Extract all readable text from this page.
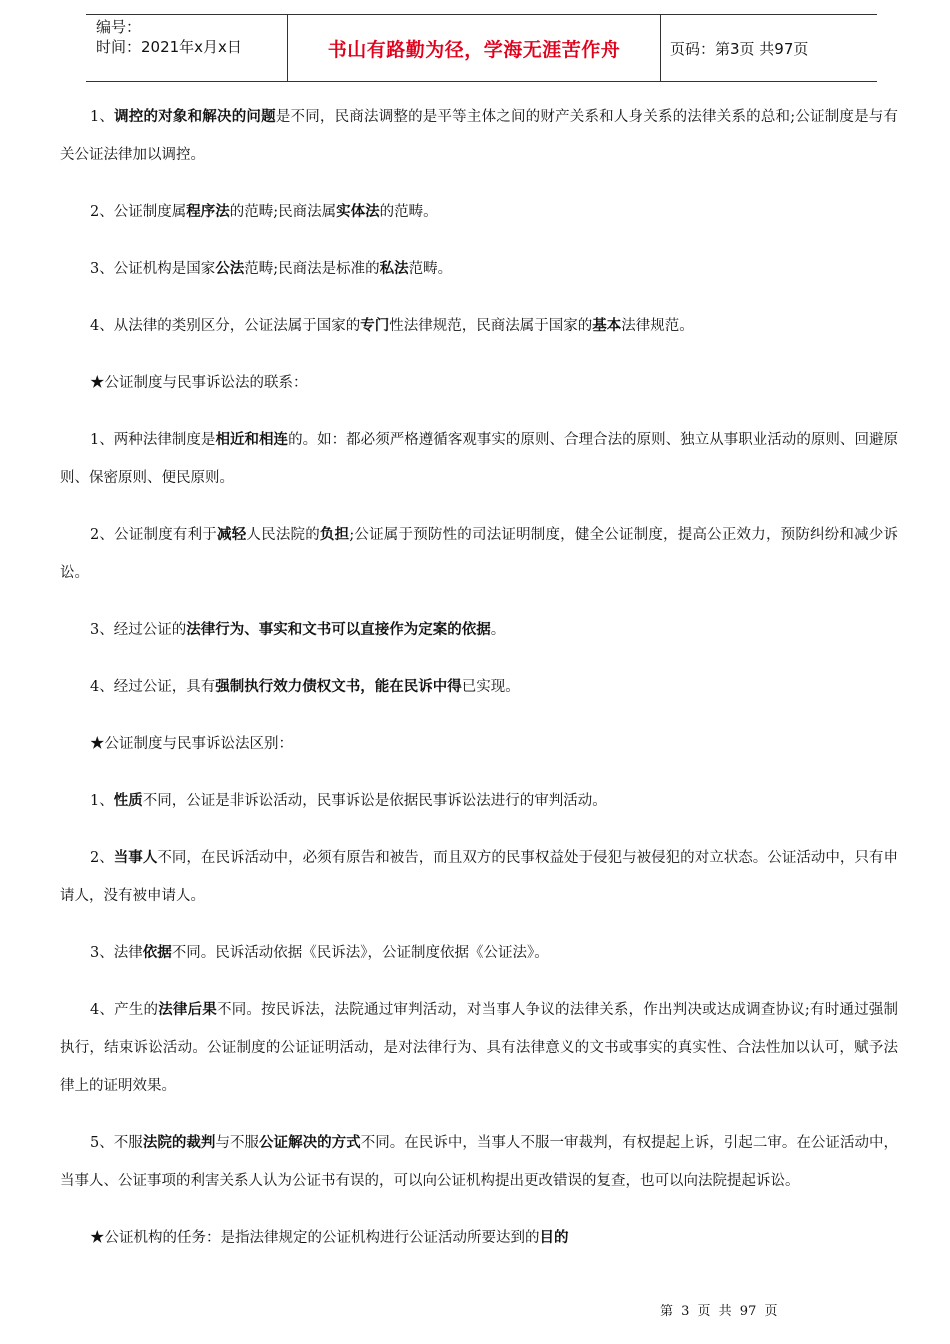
编号：
时间：2021年x月x日	书山有路勤为径，学海无涯苦作舟	页码：第3页 共97页

1、调控的对象和解决的问题是不同，民商法调整的是平等主体之间的财产关系和人身关系的法律关系的总和;公证制度是与有关公证法律加以调控。

2、公证制度属程序法的范畴;民商法属实体法的范畴。

3、公证机构是国家公法范畴;民商法是标准的私法范畴。

4、从法律的类别区分，公证法属于国家的专门性法律规范，民商法属于国家的基本法律规范。

★公证制度与民事诉讼法的联系：

1、两种法律制度是相近和相连的。如：都必须严格遵循客观事实的原则、合理合法的原则、独立从事职业活动的原则、回避原则、保密原则、便民原则。

2、公证制度有利于减轻人民法院的负担;公证属于预防性的司法证明制度，健全公证制度，提高公正效力，预防纠纷和减少诉讼。

3、经过公证的法律行为、事实和文书可以直接作为定案的依据。

4、经过公证，具有强制执行效力债权文书，能在民诉中得已实现。

★公证制度与民事诉讼法区别：

1、性质不同，公证是非诉讼活动，民事诉讼是依据民事诉讼法进行的审判活动。

2、当事人不同，在民诉活动中，必须有原告和被告，而且双方的民事权益处于侵犯与被侵犯的对立状态。公证活动中，只有申请人，没有被申请人。

3、法律依据不同。民诉活动依据《民诉法》，公证制度依据《公证法》。

4、产生的法律后果不同。按民诉法，法院通过审判活动，对当事人争议的法律关系，作出判决或达成调查协议;有时通过强制执行，结束诉讼活动。公证制度的公证证明活动，是对法律行为、具有法律意义的文书或事实的真实性、合法性加以认可，赋予法律上的证明效果。

5、不服法院的裁判与不服公证解决的方式不同。在民诉中，当事人不服一审裁判，有权提起上诉，引起二审。在公证活动中，当事人、公证事项的利害关系人认为公证书有误的，可以向公证机构提出更改错误的复查，也可以向法院提起诉讼。

★公证机构的任务：是指法律规定的公证机构进行公证活动所要达到的目的

第 3 页 共 97 页
